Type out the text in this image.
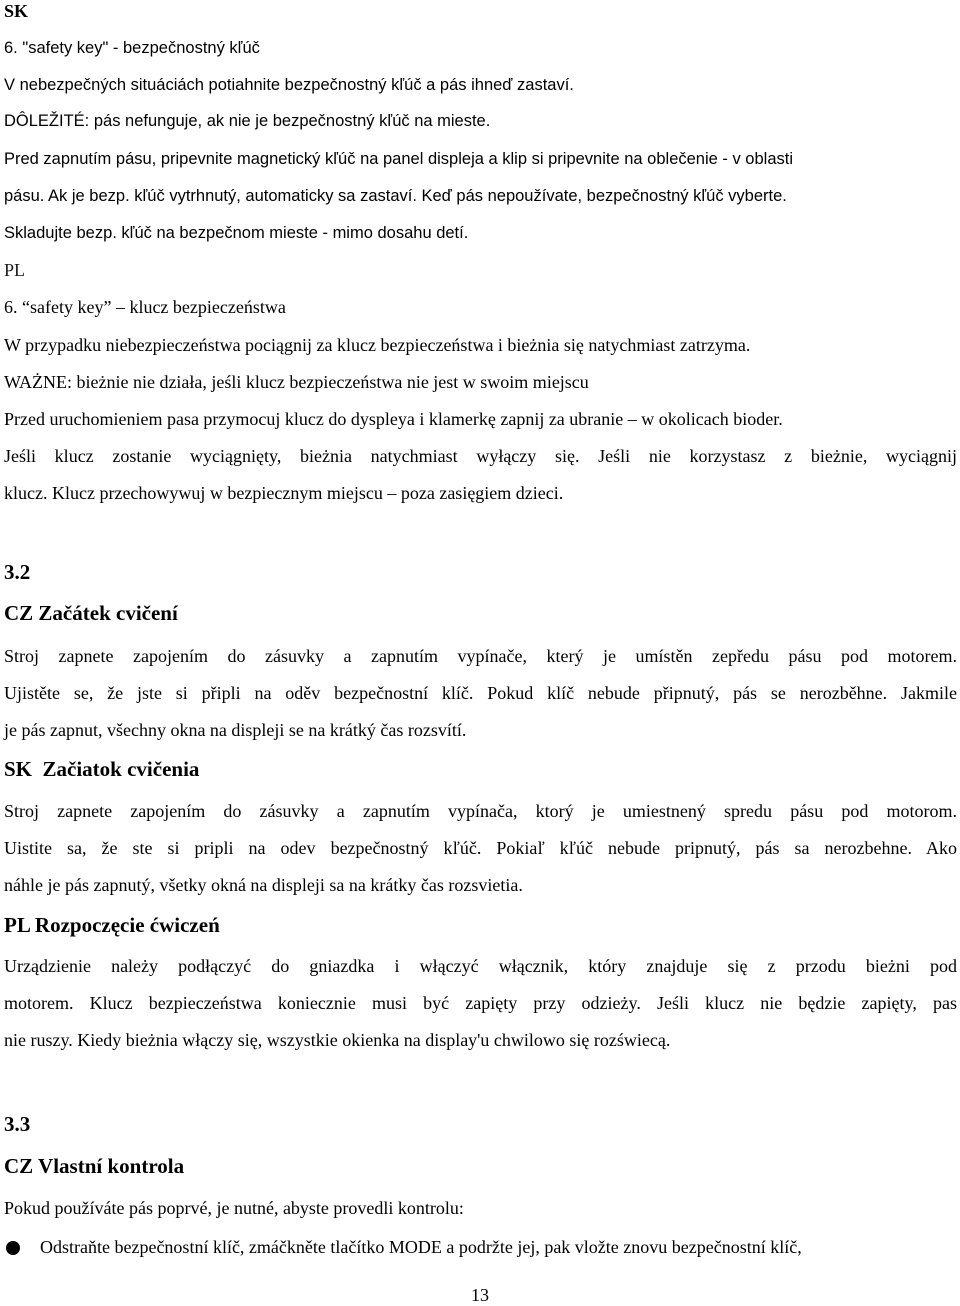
SK
6. "safety key" - bezpečnostný kľúč
V nebezpečných situáciách potiahnite bezpečnostný kľúč a pás ihneď zastaví.
DÔLEŽITÉ: pás nefunguje, ak nie je bezpečnostný kľúč na mieste.
Pred zapnutím pásu, pripevnite magnetický kľúč na panel displeja a klip si pripevnite na oblečenie - v oblasti
pásu. Ak je bezp. kľúč vytrhnutý, automaticky sa zastaví. Keď pás nepoužívate, bezpečnostný kľúč vyberte.
Skladujte bezp. kľúč na bezpečnom mieste - mimo dosahu detí.
PL
6. “safety key” – klucz bezpieczeństwa
W przypadku niebezpieczeństwa pociągnij za klucz bezpieczeństwa i bieżnia się natychmiast zatrzyma.
WAŻNE: bieżnie nie działa, jeśli klucz bezpieczeństwa nie jest w swoim miejscu
Przed uruchomieniem pasa przymocuj klucz do dyspleya i klamerkę zapnij za ubranie – w okolicach bioder.
Jeśli klucz zostanie wyciągnięty, bieżnia natychmiast wyłączy się. Jeśli nie korzystasz z bieżnie, wyciągnij
klucz. Klucz przechowywuj w bezpiecznym miejscu – poza zasięgiem dzieci.
3.2
CZ Začátek cvičení
Stroj zapnete zapojením do zásuvky a zapnutím vypínače, který je umístěn zepředu pásu pod motorem.
Ujistěte se, že jste si připli na oděv bezpečnostní klíč. Pokud klíč nebude připnutý, pás se nerozběhne. Jakmile
je pás zapnut, všechny okna na displeji se na krátký čas rozsvítí.
SK  Začiatok cvičenia
Stroj zapnete zapojením do zásuvky a zapnutím vypínača, ktorý je umiestnený spredu pásu pod motorom.
Uistite sa, že ste si pripli na odev bezpečnostný kľúč. Pokiaľ kľúč nebude pripnutý, pás sa nerozbehne. Ako
náhle je pás zapnutý, všetky okná na displeji sa na krátky čas rozsvietia.
PL Rozpoczęcie ćwiczeń
Urządzienie należy podłączyć do gniazdka i włączyć włącznik, który znajduje się z przodu bieżni pod
motorem. Klucz bezpieczeństwa koniecznie musi być zapięty przy odzieży. Jeśli klucz nie będzie zapięty, pas
nie ruszy. Kiedy bieżnia włączy się, wszystkie okienka na display'u chwilowo się rozświecą.
3.3
CZ Vlastní kontrola
Pokud používáte pás poprvé, je nutné, abyste provedli kontrolu:
Odstraňte bezpečnostní klíč, zmáčkněte tlačítko MODE a podržte jej, pak vložte znovu bezpečnostní klíč,
13
